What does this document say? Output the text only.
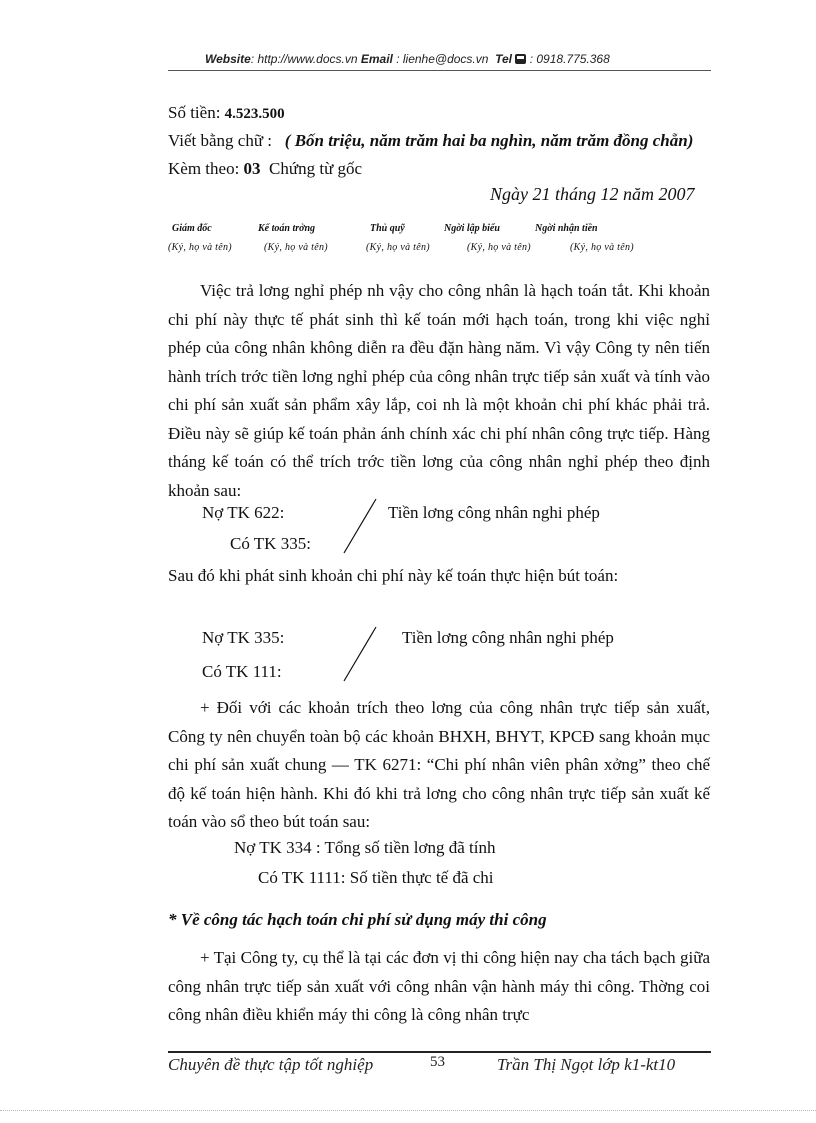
Website: http://www.docs.vn Email : lienhe@docs.vn Tel
: 0918.775.368
Số tiền: 4.523.500
Viết bằng chữ : ( Bốn triệu, năm trăm hai ba nghìn, năm trăm đồng chẵn)
Kèm theo: 03 Chứng từ gốc
Ngày 21 tháng 12 năm 2007
Giám đốc	Kế toán trởng	Thủ quỹ	Ngời lập biểu	Ngời nhận tiền
(Ký, họ và tên)	(Ký, họ và tên)	(Ký, họ và tên)	(Ký, họ và tên)	(Ký, họ và tên)
Việc trả lơng nghỉ phép nh vậy cho công nhân là hạch toán tắt. Khi khoản chi phí này thực tế phát sinh thì kế toán mới hạch toán, trong khi việc nghỉ phép của công nhân không diễn ra đều đặn hàng năm. Vì vậy Công ty nên tiến hành trích trớc tiền lơng nghỉ phép của công nhân trực tiếp sản xuất và tính vào chi phí sản xuất sản phẩm xây lắp, coi nh là một khoản chi phí khác phải trả. Điều này sẽ giúp kế toán phản ánh chính xác chi phí nhân công trực tiếp. Hàng tháng kế toán có thể trích trớc tiền lơng của công nhân nghỉ phép theo định khoản sau:
Nợ TK 622:	Tiền lơng công nhân nghi phép
Có TK 335:
Sau đó khi phát sinh khoản chi phí này kế toán thực hiện bút toán:
Nợ TK 335:	Tiền lơng công nhân nghi phép
Có TK 111:
+ Đối với các khoản trích theo lơng của công nhân trực tiếp sản xuất, Công ty nên chuyển toàn bộ các khoản BHXH, BHYT, KPCĐ sang khoản mục chi phí sản xuất chung — TK 6271: “Chi phí nhân viên phân xởng” theo chế độ kế toán hiện hành. Khi đó khi trả lơng cho công nhân trực tiếp sản xuất kế toán vào sổ theo bút toán sau:
Nợ TK 334 : Tổng số tiền lơng đã tính
Có TK 1111: Số tiền thực tế đã chi
* Về công tác hạch toán chi phí sử dụng máy thi công
+ Tại Công ty, cụ thể là tại các đơn vị thi công hiện nay cha tách bạch giữa công nhân trực tiếp sản xuất với công nhân vận hành máy thi công. Thờng coi công nhân điều khiển máy thi công là công nhân trực
Chuyên đề thực tập tốt nghiệp	53	Trần Thị Ngọt lớp k1-kt10
